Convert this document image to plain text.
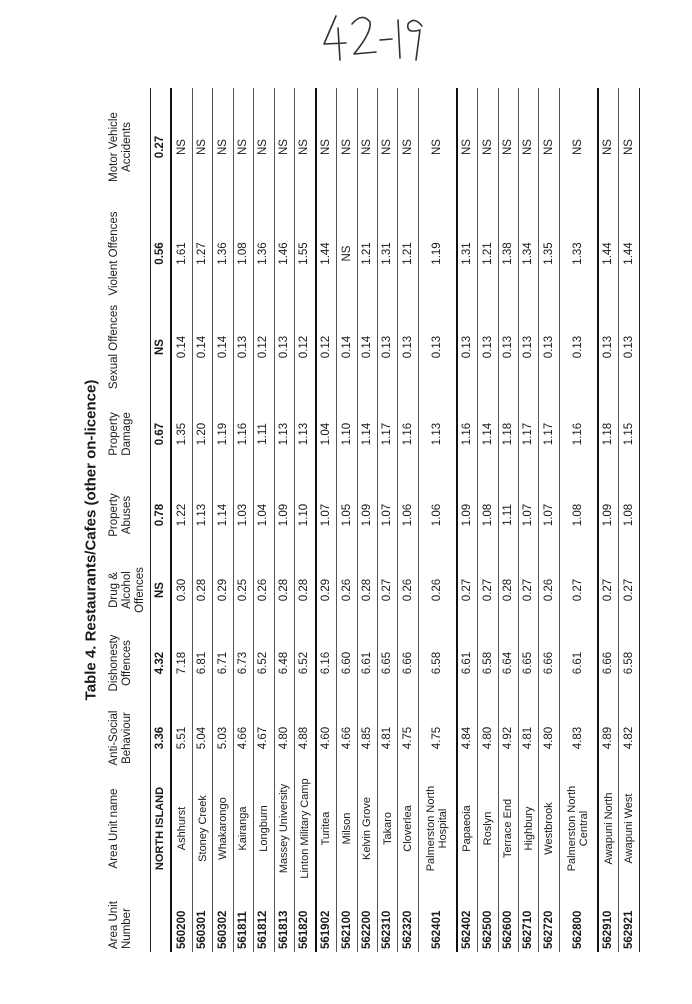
Table 4. Restaurants/Cafes (other on-licence)
Area Unit Number	Area Unit name	Anti-Social Behaviour	Dishonesty Offences	Drug & Alcohol Offences	Property Abuses	Property Damage	Sexual Offences	Violent Offences	Motor Vehicle Accidents
	NORTH ISLAND	3.36	4.32	NS	0.78	0.67	NS	0.56	0.27
560200	Ashhurst	5.51	7.18	0.30	1.22	1.35	0.14	1.61	NS
560301	Stoney Creek	5.04	6.81	0.28	1.13	1.20	0.14	1.27	NS
560302	Whakarongo	5.03	6.71	0.29	1.14	1.19	0.14	1.36	NS
561811	Kairanga	4.66	6.73	0.25	1.03	1.16	0.13	1.08	NS
561812	Longburn	4.67	6.52	0.26	1.04	1.11	0.12	1.36	NS
561813	Massey University	4.80	6.48	0.28	1.09	1.13	0.13	1.46	NS
561820	Linton Military Camp	4.88	6.52	0.28	1.10	1.13	0.12	1.55	NS
561902	Turitea	4.60	6.16	0.29	1.07	1.04	0.12	1.44	NS
562100	Milson	4.66	6.60	0.26	1.05	1.10	0.14	NS	NS
562200	Kelvin Grove	4.85	6.61	0.28	1.09	1.14	0.14	1.21	NS
562310	Takaro	4.81	6.65	0.27	1.07	1.17	0.13	1.31	NS
562320	Cloverlea	4.75	6.66	0.26	1.06	1.16	0.13	1.21	NS
562401	Palmerston North Hospital	4.75	6.58	0.26	1.06	1.13	0.13	1.19	NS
562402	Papaeoia	4.84	6.61	0.27	1.09	1.16	0.13	1.31	NS
562500	Roslyn	4.80	6.58	0.27	1.08	1.14	0.13	1.21	NS
562600	Terrace End	4.92	6.64	0.28	1.11	1.18	0.13	1.38	NS
562710	Highbury	4.81	6.65	0.27	1.07	1.17	0.13	1.34	NS
562720	Westbrook	4.80	6.66	0.26	1.07	1.17	0.13	1.35	NS
562800	Palmerston North Central	4.83	6.61	0.27	1.08	1.16	0.13	1.33	NS
562910	Awapuni North	4.89	6.66	0.27	1.09	1.18	0.13	1.44	NS
562921	Awapuni West	4.82	6.58	0.27	1.08	1.15	0.13	1.44	NS
